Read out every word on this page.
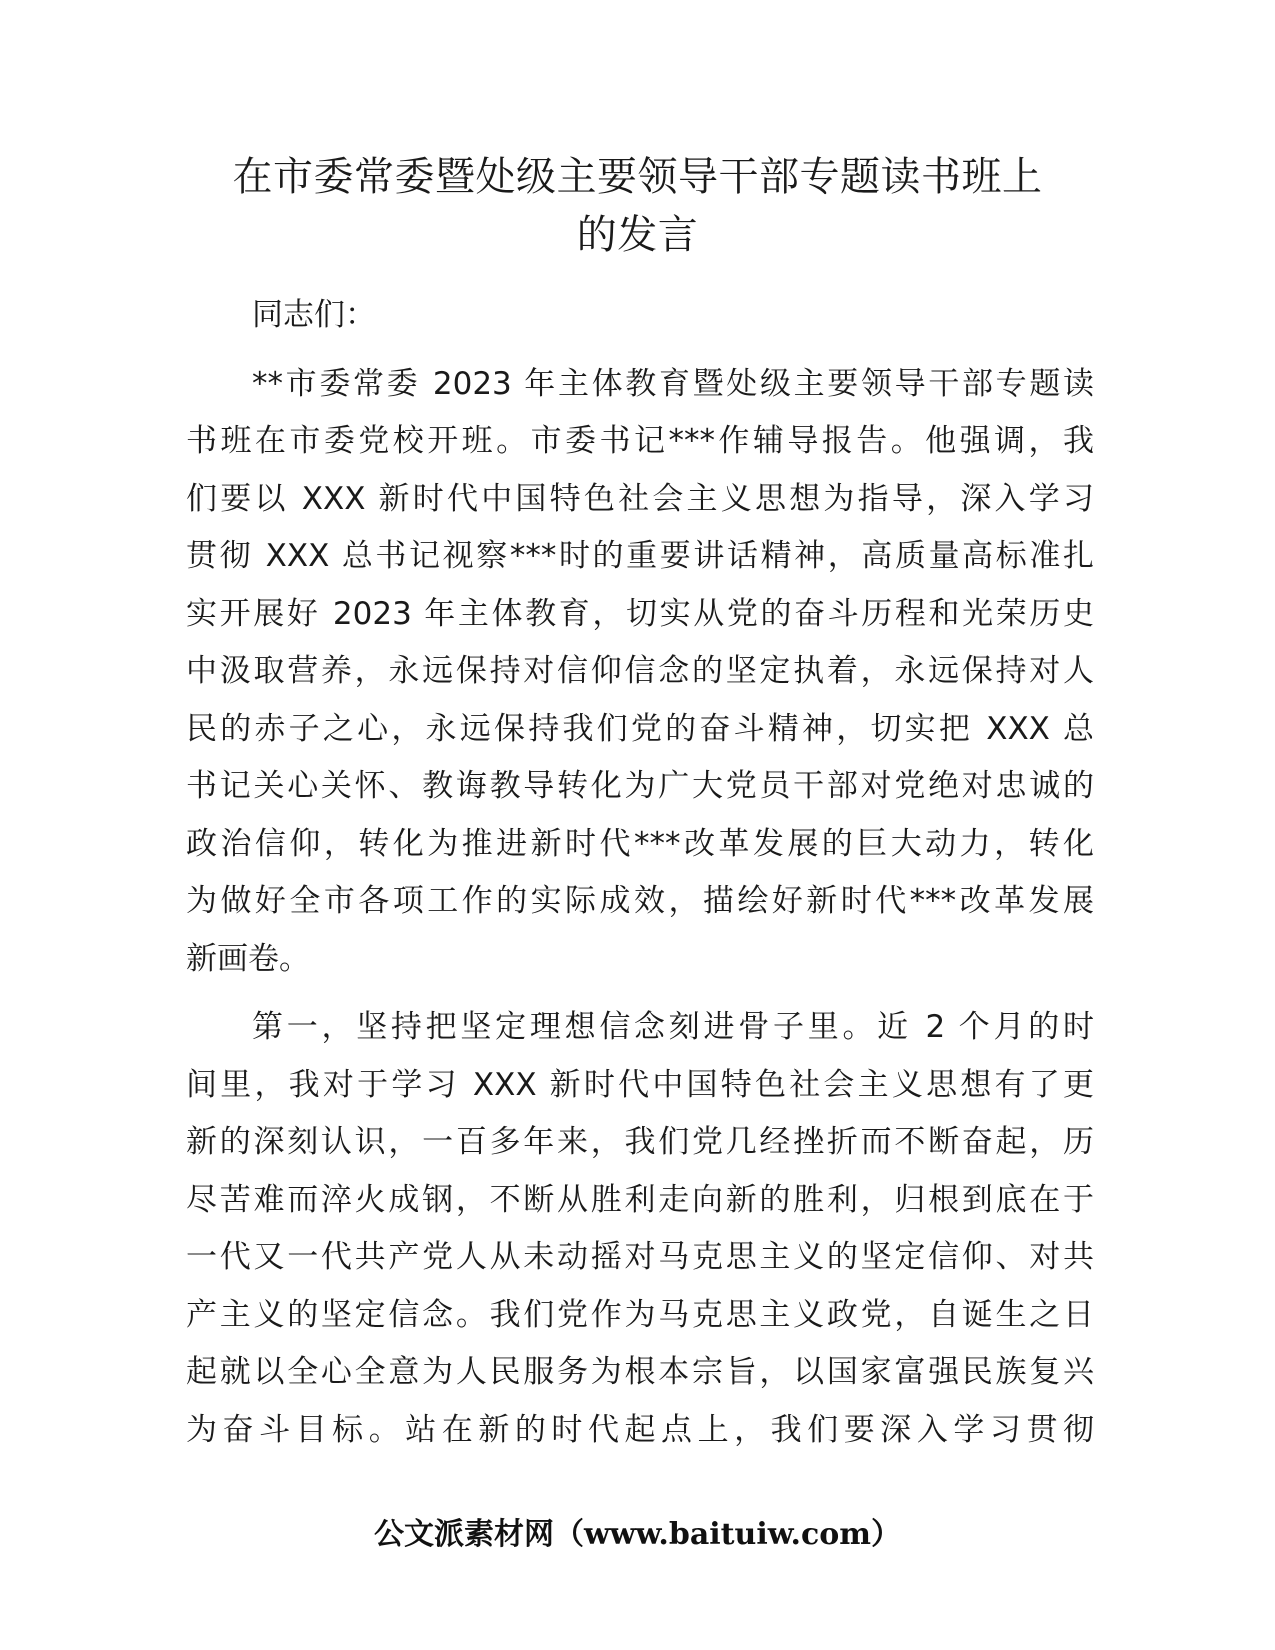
在市委常委暨处级主要领导干部专题读书班上
的发言

同志们：

**市委常委 2023 年主体教育暨处级主要领导干部专题读
书班在市委党校开班。市委书记***作辅导报告。他强调，我
们要以 XXX 新时代中国特色社会主义思想为指导，深入学习
贯彻 XXX 总书记视察***时的重要讲话精神，高质量高标准扎
实开展好 2023 年主体教育，切实从党的奋斗历程和光荣历史
中汲取营养，永远保持对信仰信念的坚定执着，永远保持对人
民的赤子之心，永远保持我们党的奋斗精神，切实把 XXX 总
书记关心关怀、教诲教导转化为广大党员干部对党绝对忠诚的
政治信仰，转化为推进新时代***改革发展的巨大动力，转化
为做好全市各项工作的实际成效，描绘好新时代***改革发展
新画卷。

第一，坚持把坚定理想信念刻进骨子里。近 2 个月的时
间里，我对于学习 XXX 新时代中国特色社会主义思想有了更
新的深刻认识，一百多年来，我们党几经挫折而不断奋起，历
尽苦难而淬火成钢，不断从胜利走向新的胜利，归根到底在于
一代又一代共产党人从未动摇对马克思主义的坚定信仰、对共
产主义的坚定信念。我们党作为马克思主义政党，自诞生之日
起就以全心全意为人民服务为根本宗旨，以国家富强民族复兴
为奋斗目标。站在新的时代起点上，我们要深入学习贯彻

公文派素材网（www.baituiw.com）
